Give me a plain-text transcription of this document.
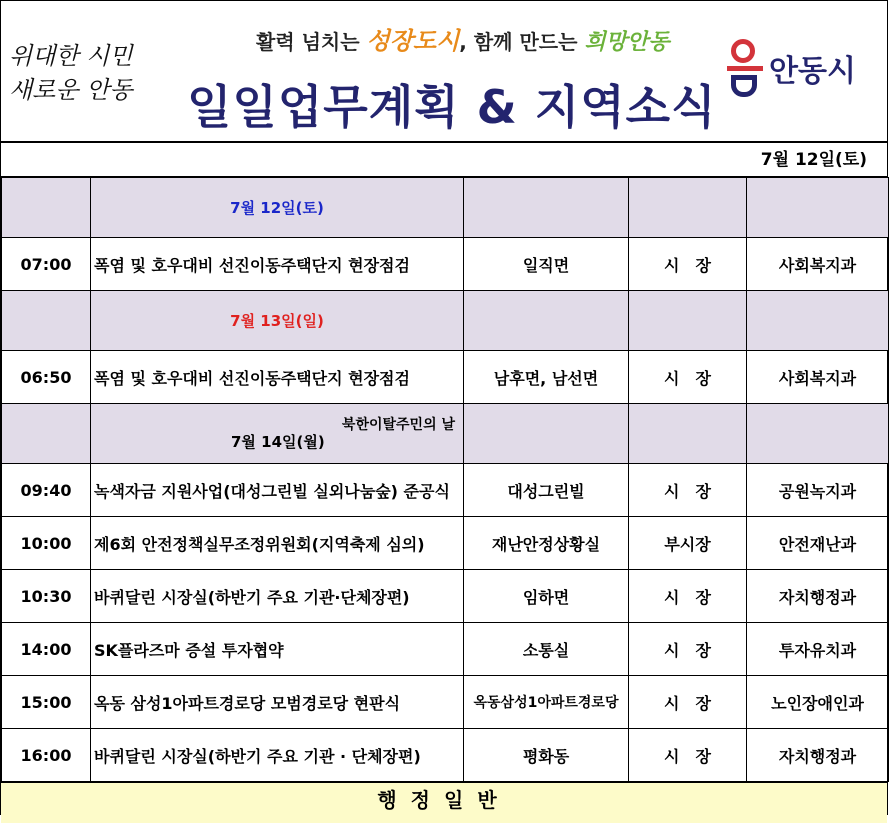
위대한 시민
새로운 안동
활력 넘치는 성장도시, 함께 만드는 희망안동
일일업무계획 & 지역소식
안동시
7월 12일(토)

	7월 12일(토)			

07:00	폭염 및 호우대비 선진이동주택단지 현장점검	일직면	시　장	사회복지과

	7월 13일(일)			

06:50	폭염 및 호우대비 선진이동주택단지 현장점검	남후면, 남선면	시　장	사회복지과

	북한이탈주민의 날
7월 14일(월)			

09:40	녹색자금 지원사업(대성그린빌 실외나눔숲) 준공식	대성그린빌	시　장	공원녹지과
10:00	제6회 안전정책실무조정위원회(지역축제 심의)	재난안정상황실	부시장	안전재난과
10:30	바퀴달린 시장실(하반기 주요 기관·단체장편)	임하면	시　장	자치행정과
14:00	SK플라즈마 증설 투자협약	소통실	시　장	투자유치과
15:00	옥동 삼성1아파트경로당 모범경로당 현판식	옥동삼성1아파트경로당	시　장	노인장애인과
16:00	바퀴달린 시장실(하반기 주요 기관 · 단체장편)	평화동	시　장	자치행정과
행정일반
